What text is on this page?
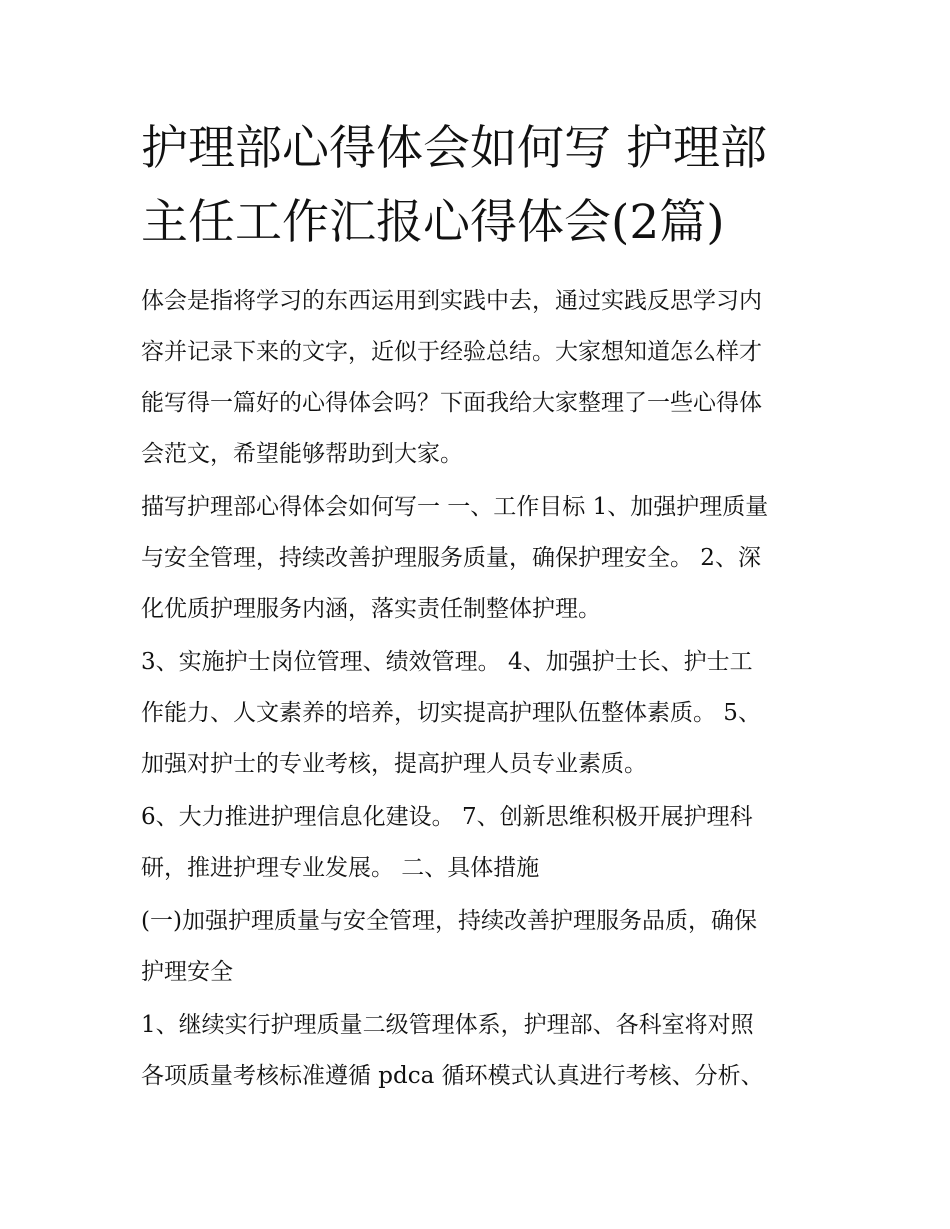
护理部心得体会如何写 护理部
主任工作汇报心得体会(2篇)

体会是指将学习的东西运用到实践中去，通过实践反思学习内
容并记录下来的文字，近似于经验总结。大家想知道怎么样才
能写得一篇好的心得体会吗？下面我给大家整理了一些心得体
会范文，希望能够帮助到大家。

描写护理部心得体会如何写一 一、工作目标 1、加强护理质量
与安全管理，持续改善护理服务质量，确保护理安全。 2、深
化优质护理服务内涵，落实责任制整体护理。

3、实施护士岗位管理、绩效管理。 4、加强护士长、护士工
作能力、人文素养的培养，切实提高护理队伍整体素质。 5、
加强对护士的专业考核，提高护理人员专业素质。

6、大力推进护理信息化建设。 7、创新思维积极开展护理科
研，推进护理专业发展。 二、具体措施

(一)加强护理质量与安全管理，持续改善护理服务品质，确保
护理安全

1、继续实行护理质量二级管理体系，护理部、各科室将对照
各项质量考核标准遵循 pdca 循环模式认真进行考核、分析、
